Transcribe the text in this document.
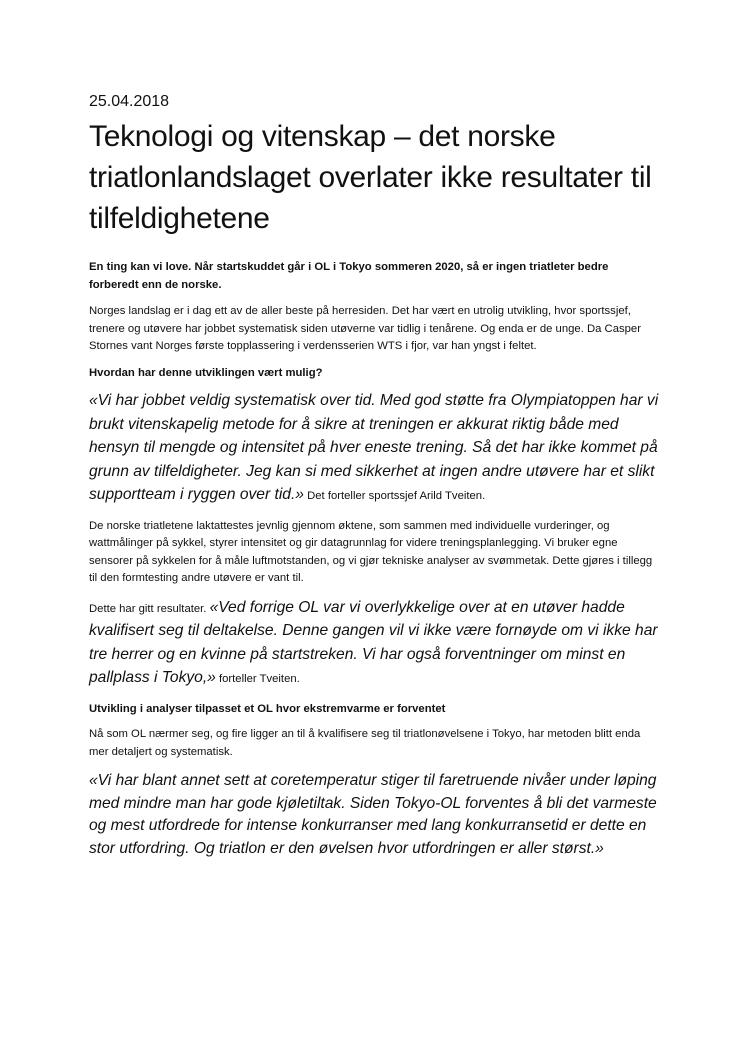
25.04.2018
Teknologi og vitenskap – det norske triatlonlandslaget overlater ikke resultater til tilfeldighetene

En ting kan vi love. Når startskuddet går i OL i Tokyo sommeren 2020, så er ingen triatleter bedre forberedt enn de norske.

Norges landslag er i dag ett av de aller beste på herresiden. Det har vært en utrolig utvikling, hvor sportssjef, trenere og utøvere har jobbet systematisk siden utøverne var tidlig i tenårene. Og enda er de unge. Da Casper Stornes vant Norges første topplassering i verdensserien WTS i fjor, var han yngst i feltet.

Hvordan har denne utviklingen vært mulig?

«Vi har jobbet veldig systematisk over tid. Med god støtte fra Olympiatoppen har vi brukt vitenskapelig metode for å sikre at treningen er akkurat riktig både med hensyn til mengde og intensitet på hver eneste trening. Så det har ikke kommet på grunn av tilfeldigheter. Jeg kan si med sikkerhet at ingen andre utøvere har et slikt supportteam i ryggen over tid.» Det forteller sportssjef Arild Tveiten.

De norske triatletene laktattestes jevnlig gjennom øktene, som sammen med individuelle vurderinger, og wattmålinger på sykkel, styrer intensitet og gir datagrunnlag for videre treningsplanlegging. Vi bruker egne sensorer på sykkelen for å måle luftmotstanden, og vi gjør tekniske analyser av svømmetak. Dette gjøres i tillegg til den formtesting andre utøvere er vant til.

Dette har gitt resultater. «Ved forrige OL var vi overlykkelige over at en utøver hadde kvalifisert seg til deltakelse. Denne gangen vil vi ikke være fornøyde om vi ikke har tre herrer og en kvinne på startstreken. Vi har også forventninger om minst en pallplass i Tokyo,» forteller Tveiten.

Utvikling i analyser tilpasset et OL hvor ekstremvarme er forventet

Nå som OL nærmer seg, og fire ligger an til å kvalifisere seg til triatlonøvelsene i Tokyo, har metoden blitt enda mer detaljert og systematisk.

«Vi har blant annet sett at coretemperatur stiger til faretruende nivåer under løping med mindre man har gode kjøletiltak. Siden Tokyo-OL forventes å bli det varmeste og mest utfordrede for intense konkurranser med lang konkurransetid er dette en stor utfordring. Og triatlon er den øvelsen hvor utfordringen er aller størst.»
